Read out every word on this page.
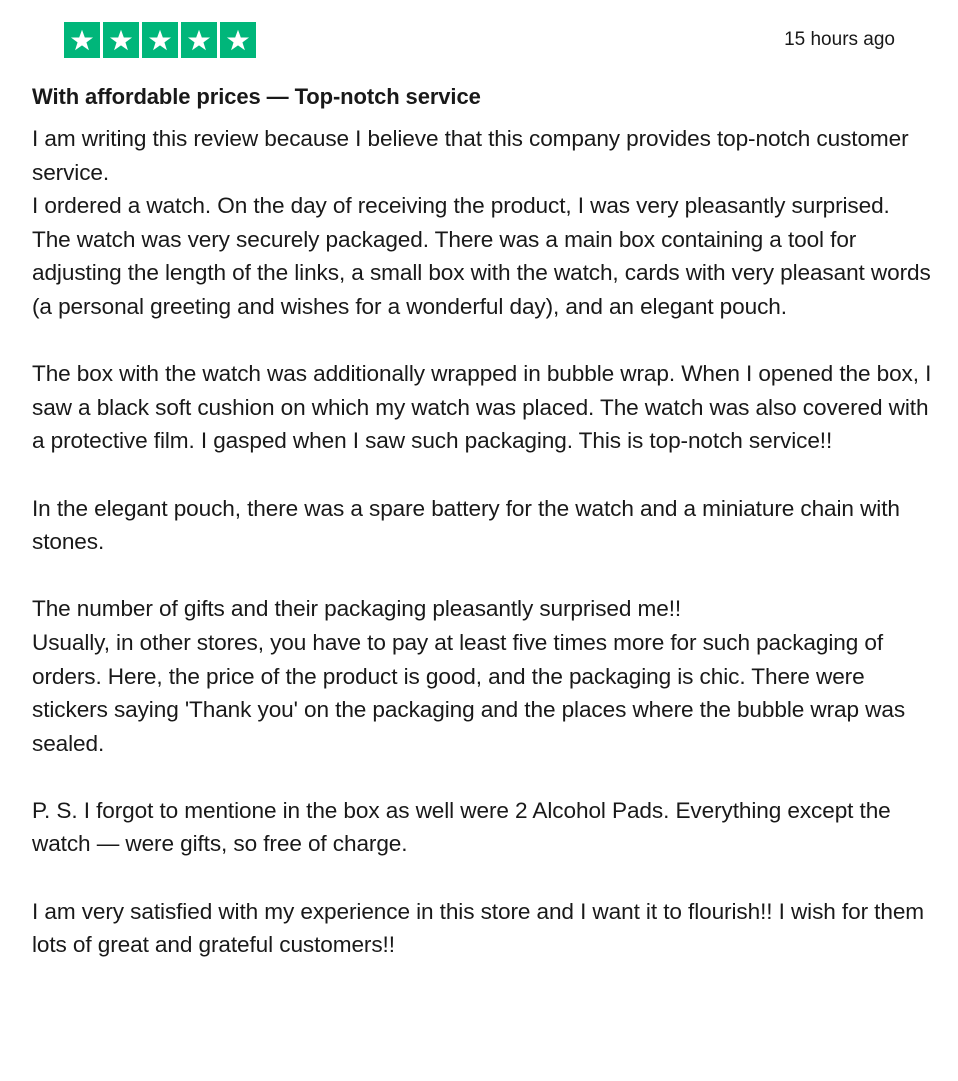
15 hours ago
With affordable prices — Top-notch service

I am writing this review because I believe that this company provides top-notch customer service.
I ordered a watch. On the day of receiving the product, I was very pleasantly surprised.
The watch was very securely packaged. There was a main box containing a tool for adjusting the length of the links, a small box with the watch, cards with very pleasant words (a personal greeting and wishes for a wonderful day), and an elegant pouch.

The box with the watch was additionally wrapped in bubble wrap. When I opened the box, I saw a black soft cushion on which my watch was placed. The watch was also covered with a protective film. I gasped when I saw such packaging. This is top-notch service!!

In the elegant pouch, there was a spare battery for the watch and a miniature chain with stones.

The number of gifts and their packaging pleasantly surprised me!!
Usually, in other stores, you have to pay at least five times more for such packaging of orders. Here, the price of the product is good, and the packaging is chic. There were stickers saying 'Thank you' on the packaging and the places where the bubble wrap was sealed.

P. S. I forgot to mentione in the box as well were 2 Alcohol Pads. Everything except the watch — were gifts, so free of charge.

I am very satisfied with my experience in this store and I want it to flourish!! I wish for them lots of great and grateful customers!!
